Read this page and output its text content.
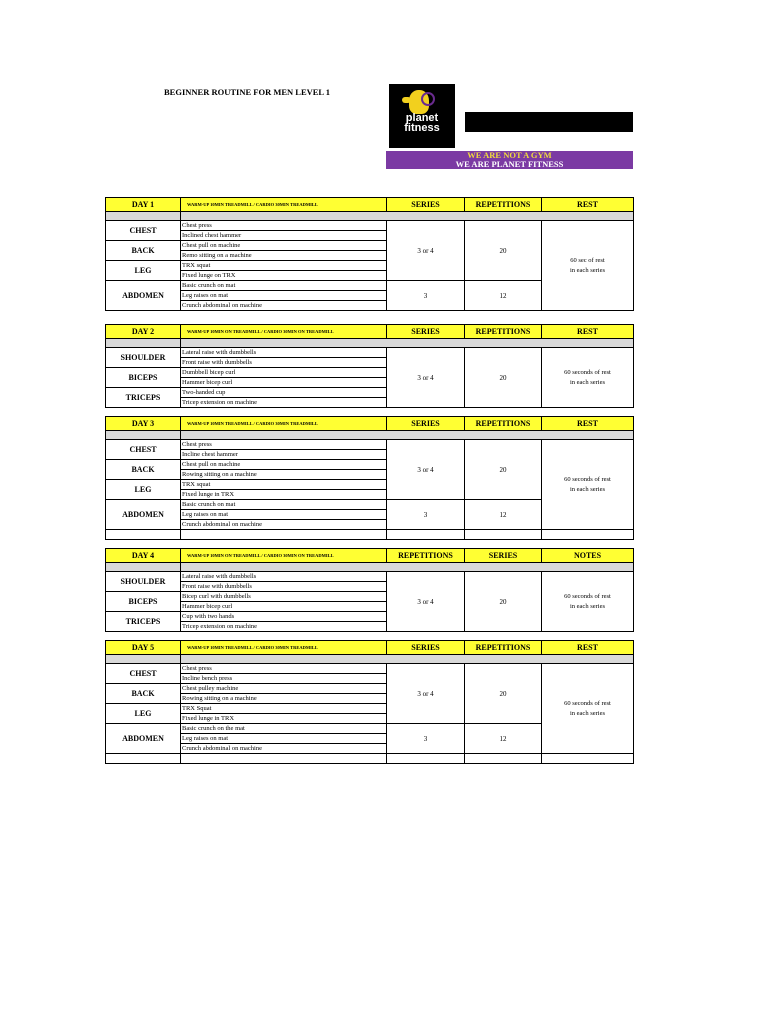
BEGINNER ROUTINE FOR MEN LEVEL 1
planet
fitness
WE ARE NOT A GYM
WE ARE PLANET FITNESS
DAY 1	WARM-UP 10MIN TREADMILL / CARDIO 30MIN TREADMILL	SERIES	REPETITIONS	REST

CHEST	Chest press	3 or 4	20	60 sec of rest
in each series
	Inclined chest hammer			
BACK	Chest pull on machine			
	Remo sitting on a machine			
LEG	TRX squat			
	Fixed lunge on TRX			
ABDOMEN	Basic crunch on mat	3	12	
	Leg raises on mat			
	Crunch abdominal on machine			
DAY 2	WARM-UP 10MIN ON TREADMILL / CARDIO 30MIN ON TREADMILL	SERIES	REPETITIONS	REST

SHOULDER	Lateral raise with dumbbells	3 or 4	20	60 seconds of rest
in each series
	Front raise with dumbbells			
BICEPS	Dumbbell bicep curl			
	Hammer bicep curl			
TRICEPS	Two-handed cup			
	Tricep extension on machine			
DAY 3	WARM-UP 10MIN TREADMILL / CARDIO 30MIN TREADMILL	SERIES	REPETITIONS	REST

CHEST	Chest press	3 or 4	20	60 seconds of rest
in each series
	Incline chest hammer			
BACK	Chest pull on machine			
	Rowing sitting on a machine			
LEG	TRX squat			
	Fixed lunge in TRX			
ABDOMEN	Basic crunch on mat	3	12	
	Leg raises on mat			
	Crunch abdominal on machine			

DAY 4	WARM-UP 10MIN ON TREADMILL / CARDIO 30MIN ON TREADMILL	REPETITIONS	SERIES	NOTES

SHOULDER	Lateral raise with dumbbells	3 or 4	20	60 seconds of rest
in each series
	Front raise with dumbbells			
BICEPS	Bicep curl with dumbbells			
	Hammer bicep curl			
TRICEPS	Cup with two hands			
	Tricep extension on machine			
DAY 5	WARM-UP 10MIN TREADMILL / CARDIO 30MIN TREADMILL	SERIES	REPETITIONS	REST

CHEST	Chest press	3 or 4	20	60 seconds of rest
in each series
	Incline bench press			
BACK	Chest pulley machine			
	Rowing sitting on a machine			
LEG	TRX Squat			
	Fixed lunge in TRX			
ABDOMEN	Basic crunch on the mat	3	12	
	Leg raises on mat			
	Crunch abdominal on machine			
